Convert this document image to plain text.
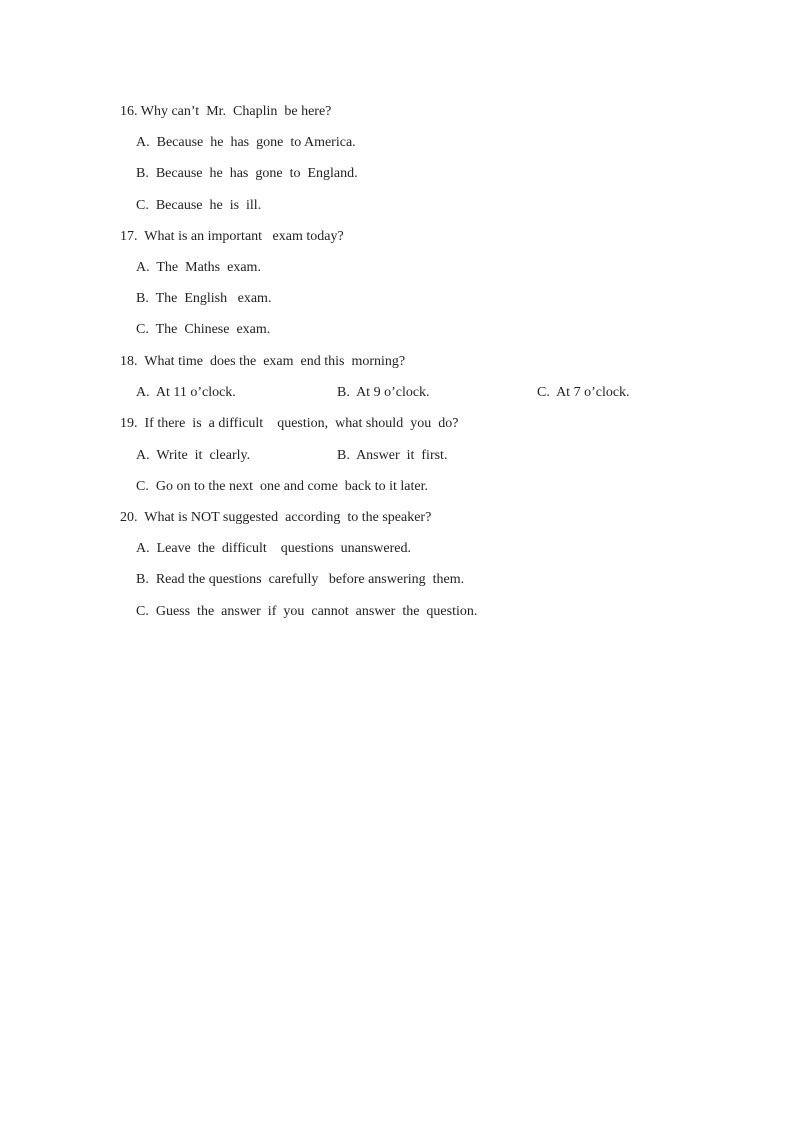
16. Why can’t  Mr.  Chaplin  be here?
A.  Because  he  has  gone  to America.
B.  Because  he  has  gone  to  England.
C.  Because  he  is  ill.
17.  What is an important   exam today?
A.  The  Maths  exam.
B.  The  English   exam.
C.  The  Chinese  exam.
18.  What time  does the  exam  end this  morning?
A.  At 11 o’clock.	B.  At 9 o’clock.	C.  At 7 o’clock.
19.  If there  is  a difficult    question,  what should  you  do?
A.  Write  it  clearly.	B.  Answer  it  first.
C.  Go on to the next  one and come  back to it later.
20.  What is NOT suggested  according  to the speaker?
A.  Leave  the  difficult    questions  unanswered.
B.  Read the questions  carefully   before answering  them.
C.  Guess  the  answer  if  you  cannot  answer  the  question.
